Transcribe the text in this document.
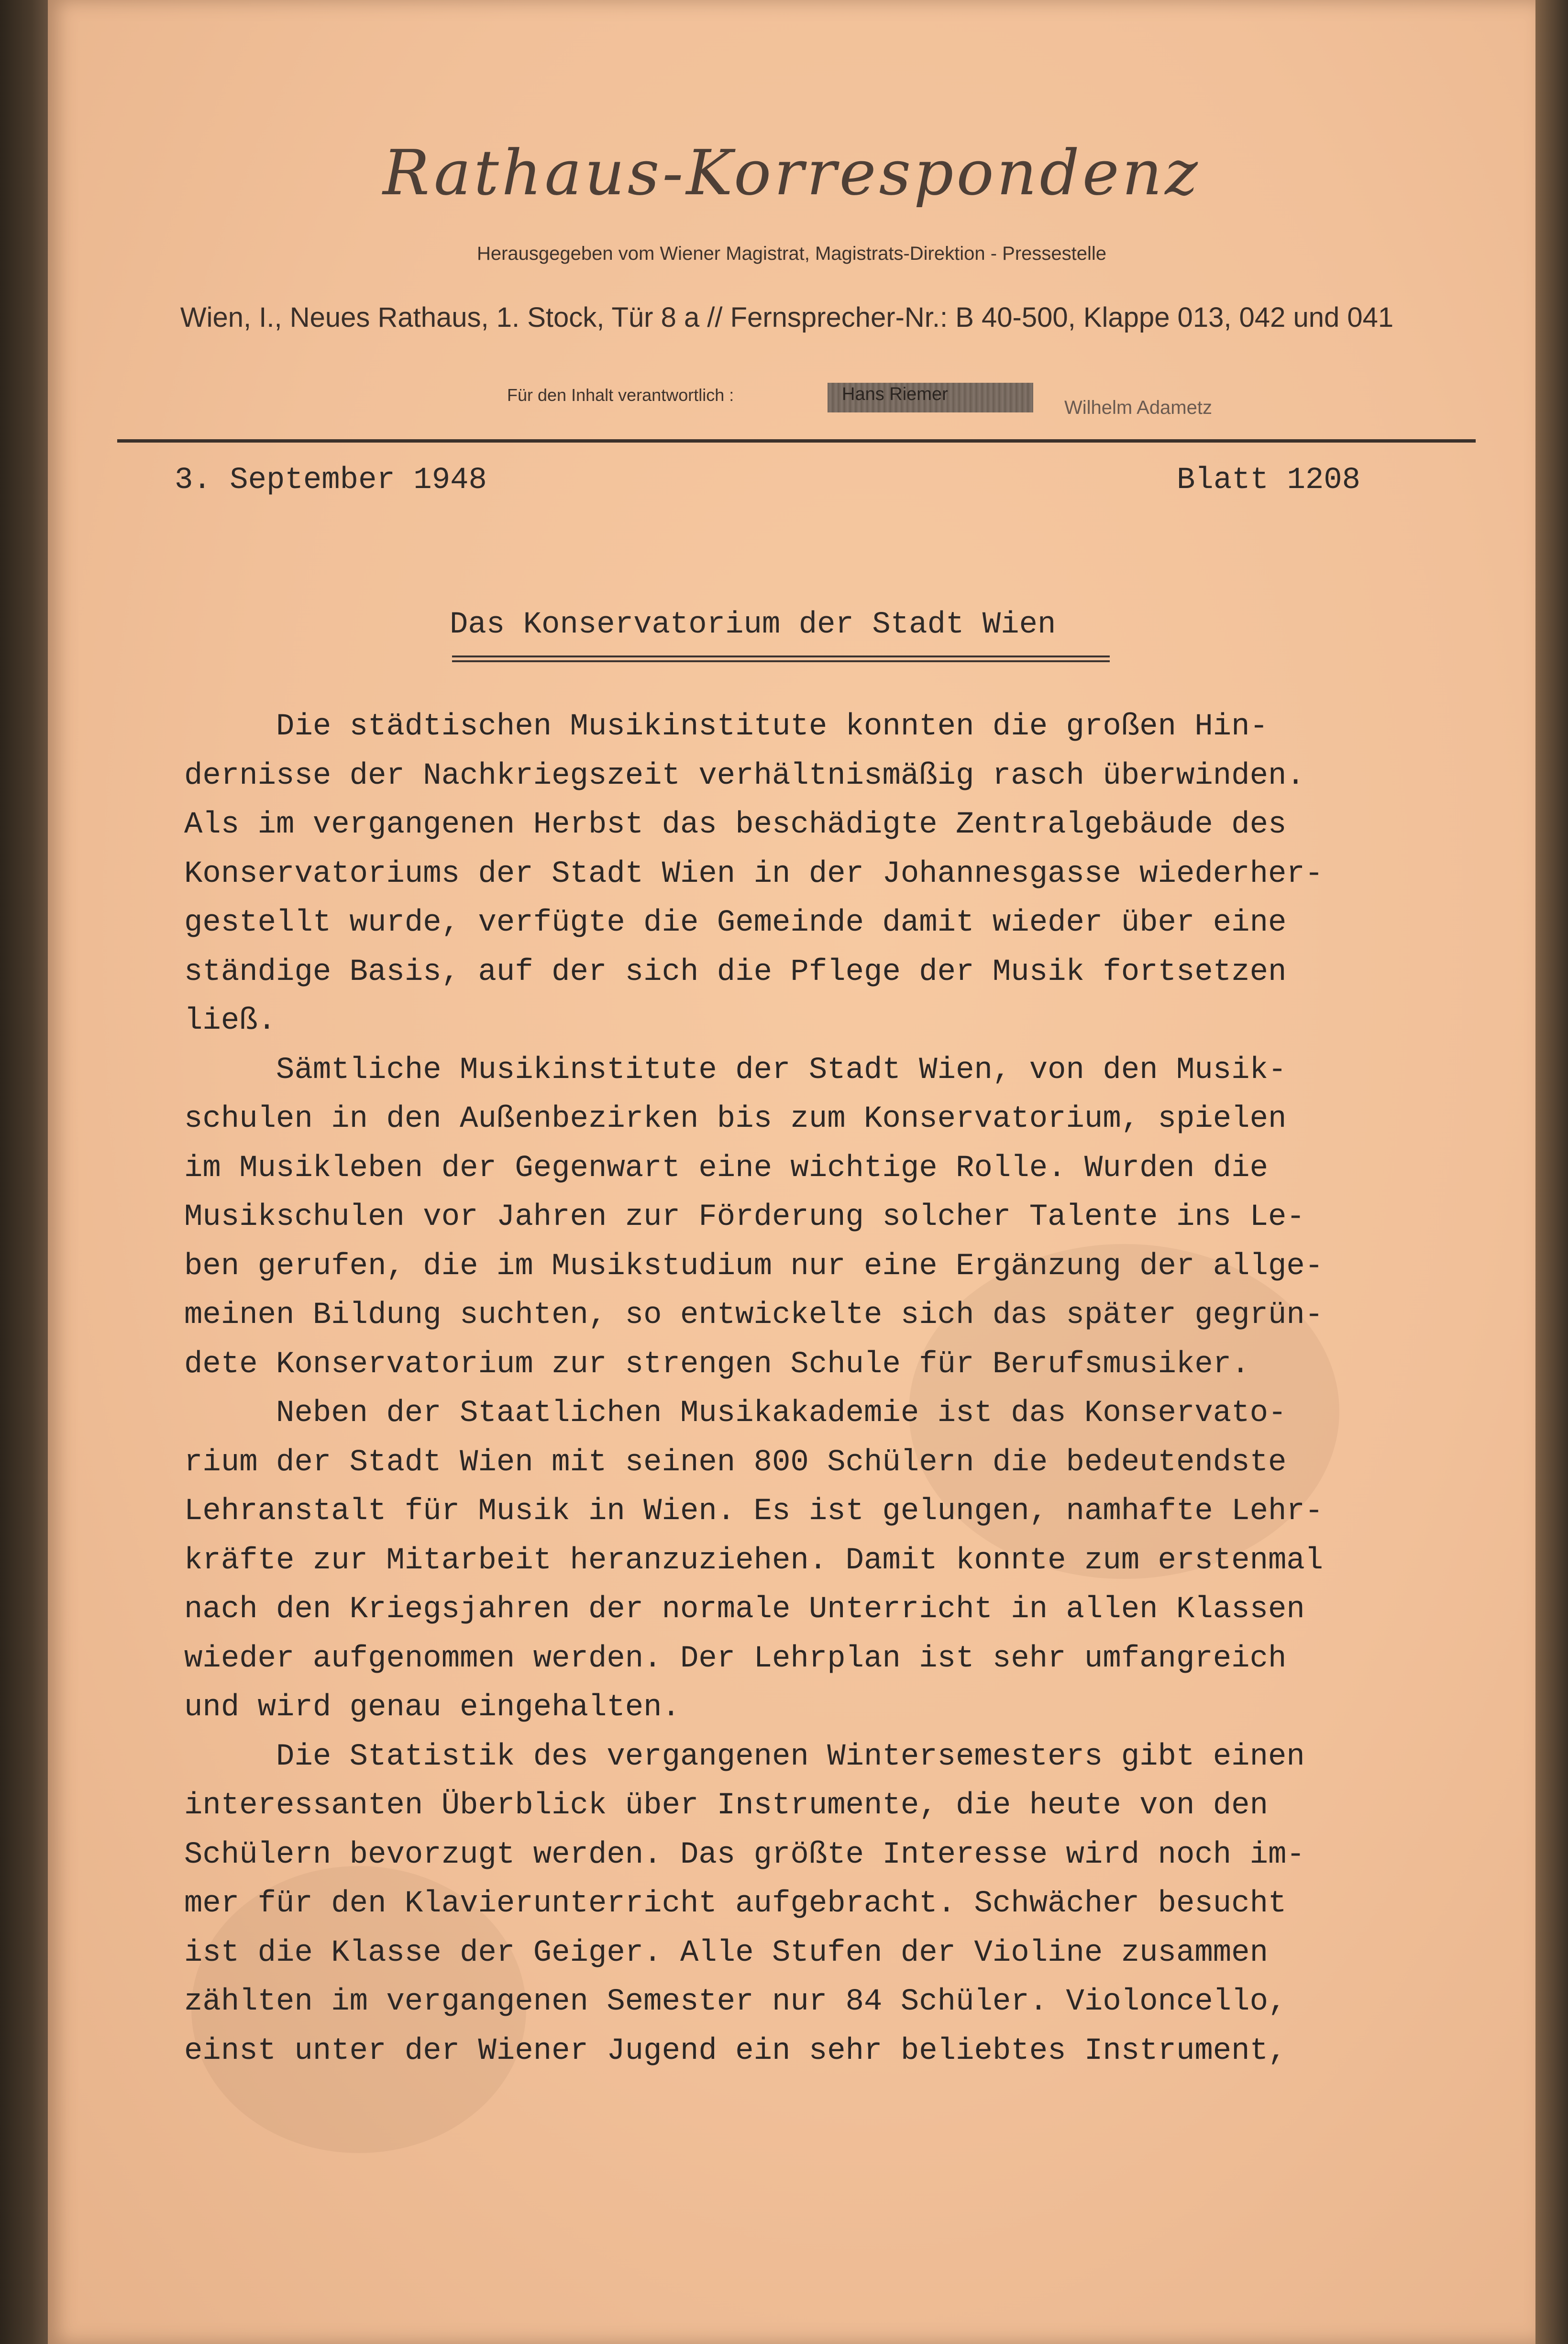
Rathaus-Korrespondenz
Herausgegeben vom Wiener Magistrat, Magistrats-Direktion - Pressestelle
Wien, I., Neues Rathaus, 1. Stock, Tür 8 a // Fernsprecher-Nr.: B 40-500, Klappe 013, 042 und 041
Für den Inhalt verantwortlich :	Hans Riemer
Wilhelm Adametz
3. September 1948	Blatt 1208
Das Konservatorium der Stadt Wien
Die städtischen Musikinstitute konnten die großen Hin-
dernisse der Nachkriegszeit verhältnismäßig rasch überwinden.
Als im vergangenen Herbst das beschädigte Zentralgebäude des
Konservatoriums der Stadt Wien in der Johannesgasse wiederher-
gestellt wurde, verfügte die Gemeinde damit wieder über eine
ständige Basis, auf der sich die Pflege der Musik fortsetzen
ließ.
Sämtliche Musikinstitute der Stadt Wien, von den Musik-
schulen in den Außenbezirken bis zum Konservatorium, spielen
im Musikleben der Gegenwart eine wichtige Rolle. Wurden die
Musikschulen vor Jahren zur Förderung solcher Talente ins Le-
ben gerufen, die im Musikstudium nur eine Ergänzung der allge-
meinen Bildung suchten, so entwickelte sich das später gegrün-
dete Konservatorium zur strengen Schule für Berufsmusiker.
Neben der Staatlichen Musikakademie ist das Konservato-
rium der Stadt Wien mit seinen 800 Schülern die bedeutendste
Lehranstalt für Musik in Wien. Es ist gelungen, namhafte Lehr-
kräfte zur Mitarbeit heranzuziehen. Damit konnte zum erstenmal
nach den Kriegsjahren der normale Unterricht in allen Klassen
wieder aufgenommen werden. Der Lehrplan ist sehr umfangreich
und wird genau eingehalten.
Die Statistik des vergangenen Wintersemesters gibt einen
interessanten Überblick über Instrumente, die heute von den
Schülern bevorzugt werden. Das größte Interesse wird noch im-
mer für den Klavierunterricht aufgebracht. Schwächer besucht
ist die Klasse der Geiger. Alle Stufen der Violine zusammen
zählten im vergangenen Semester nur 84 Schüler. Violoncello,
einst unter der Wiener Jugend ein sehr beliebtes Instrument,
